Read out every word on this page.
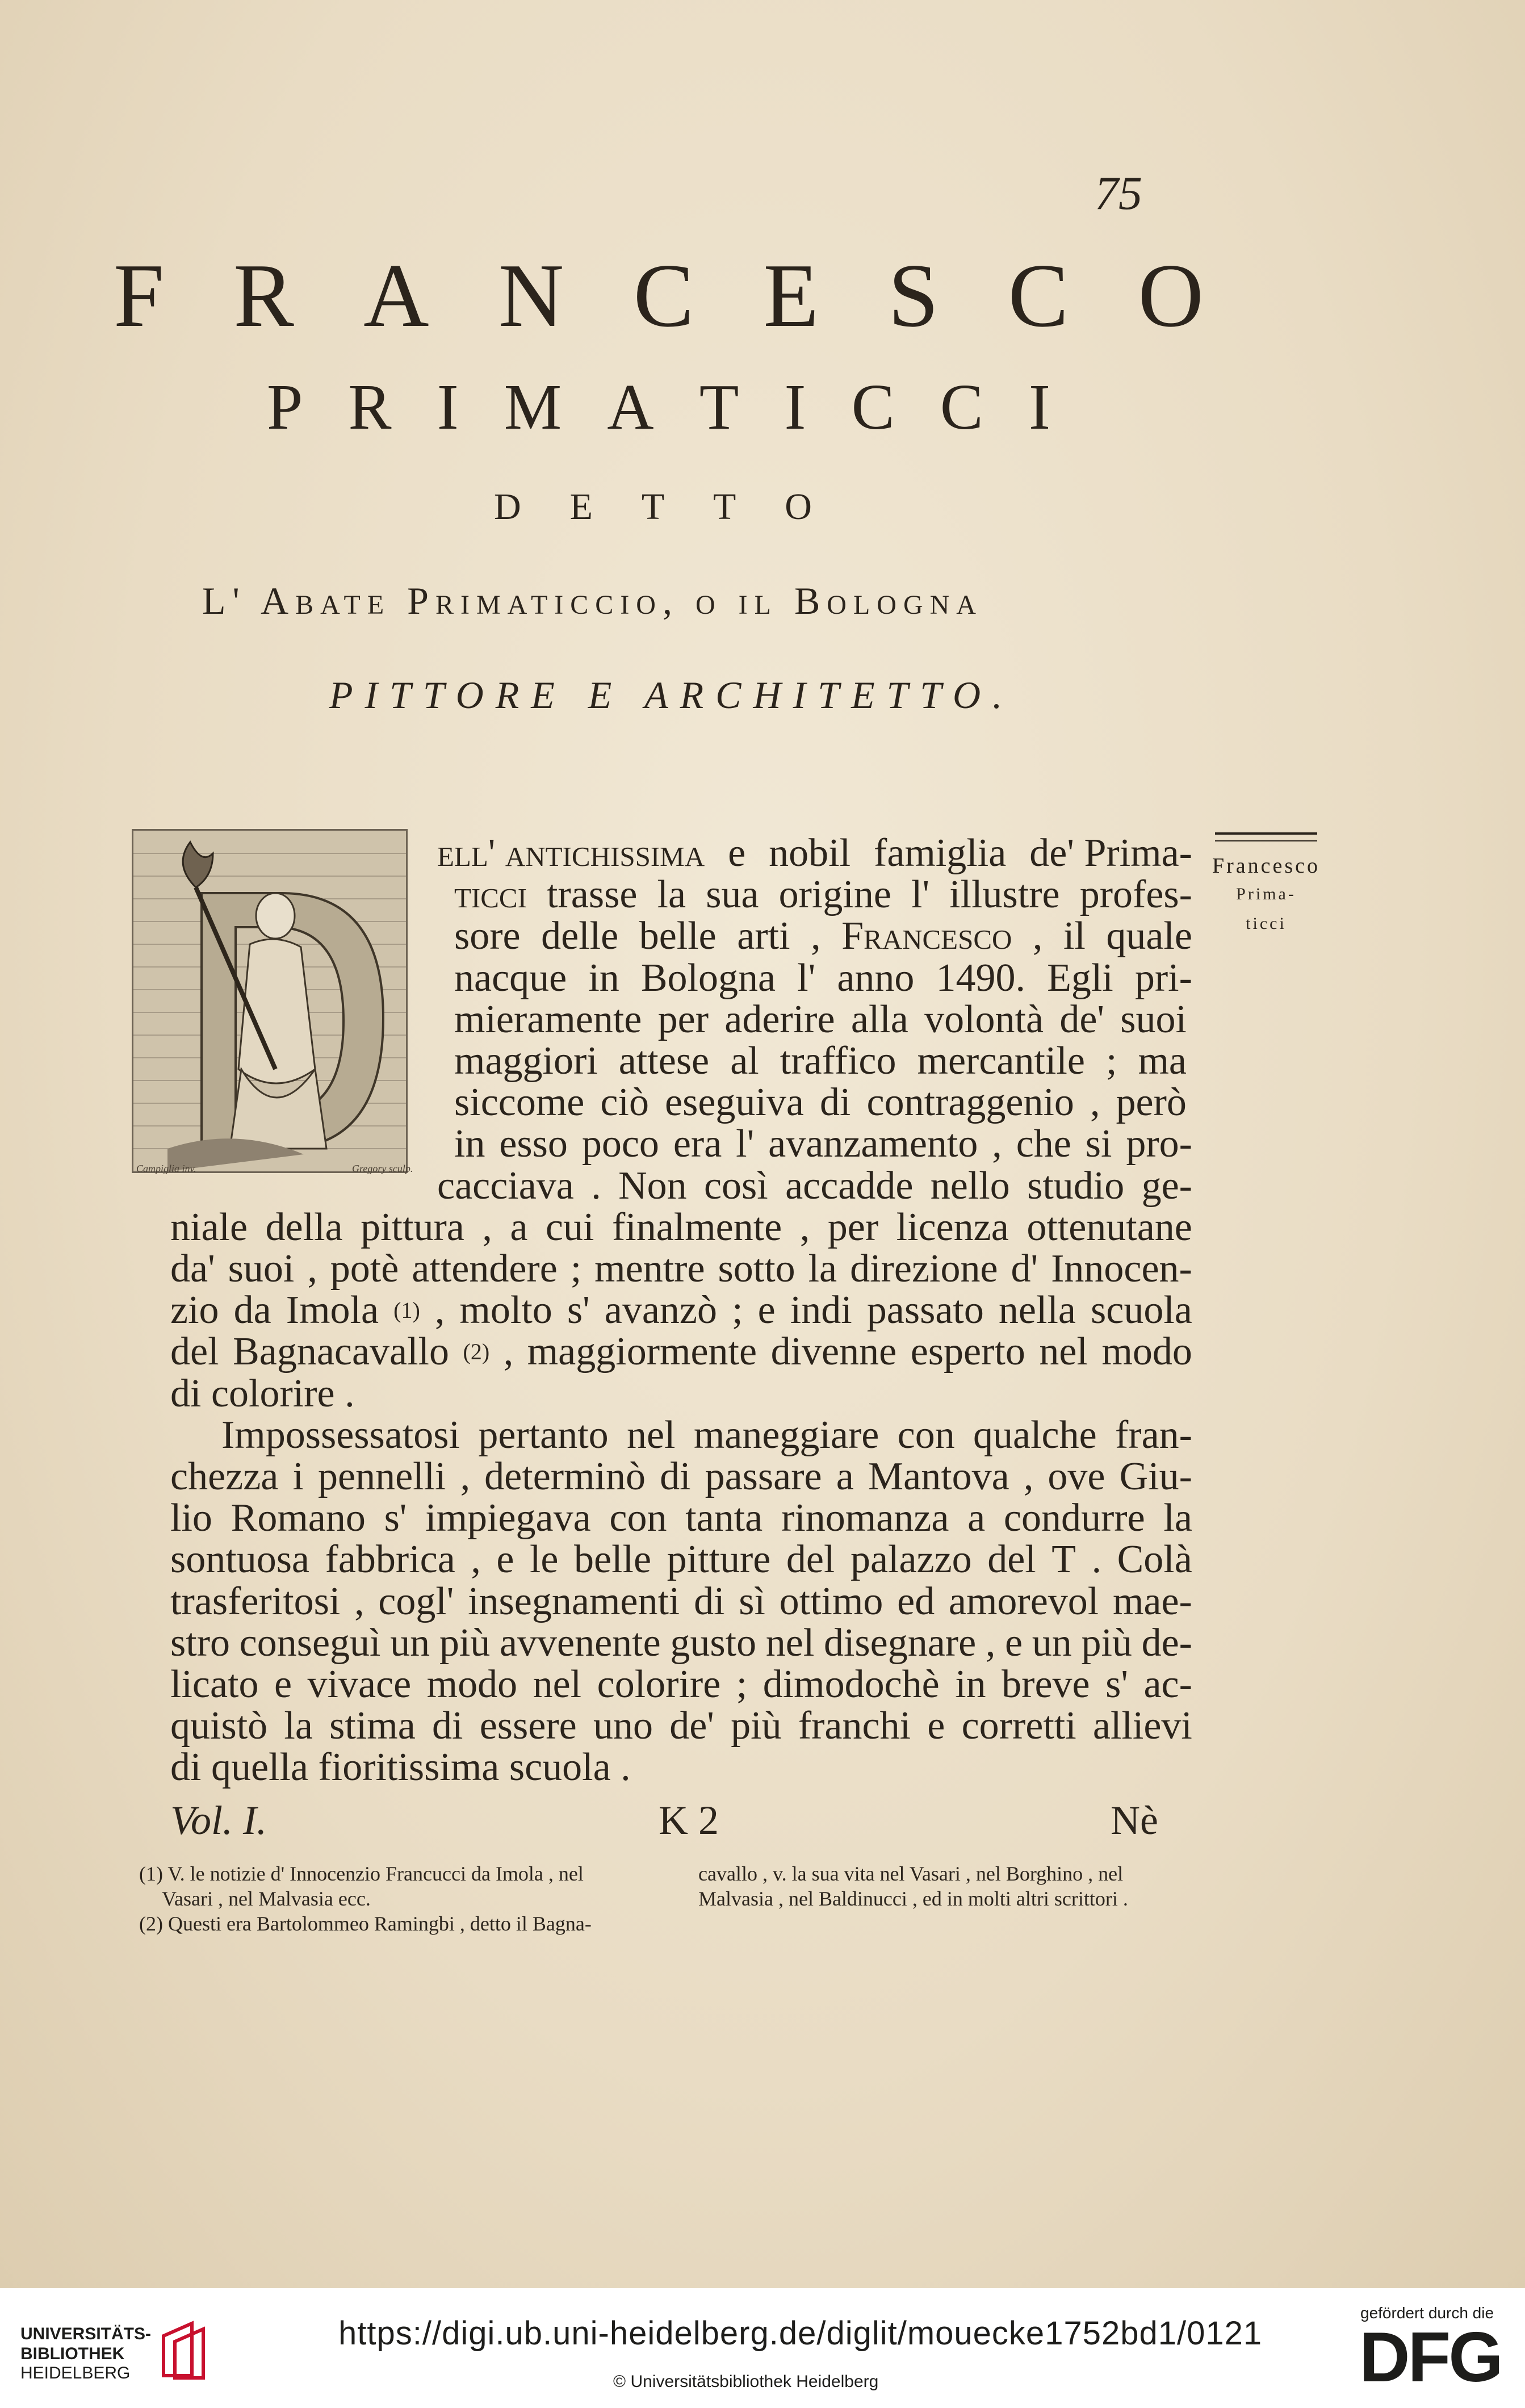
75
F R A N C E S C O
P R I M A T I C C I
D E T T O
L' Abate Primaticcio, o il Bologna
PITTORE E ARCHITETTO.
Campiglia inv.	Gregory sculp.
Francesco
Prima-
ticci
ell' antichissima e nobil famiglia de' Prima-
ticci trasse la sua origine l' illustre profes-
sore delle belle arti , Francesco , il quale
nacque in Bologna l' anno 1490. Egli pri-
mieramente per aderire alla volontà de' suoi
maggiori attese al traffico mercantile ; ma
siccome ciò eseguiva di contraggenio , però
in esso poco era l' avanzamento , che si pro-
cacciava . Non così accadde nello studio ge-
niale della pittura , a cui finalmente , per licenza ottenutane
da' suoi , potè attendere ; mentre sotto la direzione d' Innocen-
zio da Imola (1) , molto s' avanzò ; e indi passato nella scuola
del Bagnacavallo (2) , maggiormente divenne esperto nel modo
di colorire .
Impossessatosi pertanto nel maneggiare con qualche fran-
chezza i pennelli , determinò di passare a Mantova , ove Giu-
lio Romano s' impiegava con tanta rinomanza a condurre la
sontuosa fabbrica , e le belle pitture del palazzo del T . Colà
trasferitosi , cogl' insegnamenti di sì ottimo ed amorevol mae-
stro conseguì un più avvenente gusto nel disegnare , e un più de-
licato e vivace modo nel colorire ; dimodochè in breve s' ac-
quistò la stima di essere uno de' più franchi e corretti allievi
di quella fioritissima scuola .
Vol. I.	K 2	Nè
(1) V. le notizie d' Innocenzio Francucci da Imola , nel
Vasari , nel Malvasia ecc.
(2) Questi era Bartolommeo Ramingbi , detto il Bagna-
cavallo , v. la sua vita nel Vasari , nel Borghino , nel
Malvasia , nel Baldinucci , ed in molti altri scrittori .
UNIVERSITÄTS-
BIBLIOTHEK
HEIDELBERG
https://digi.ub.uni-heidelberg.de/diglit/mouecke1752bd1/0121
© Universitätsbibliothek Heidelberg
gefördert durch die
DFG
